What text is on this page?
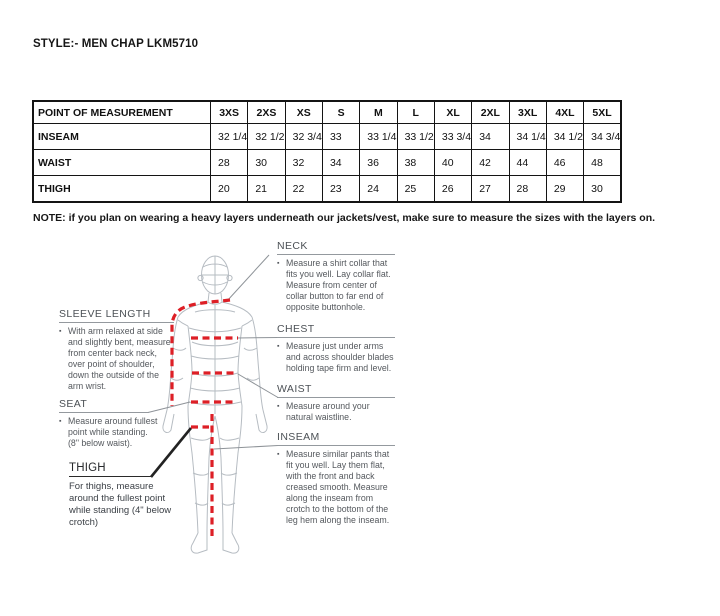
STYLE:- MEN CHAP LKM5710
POINT OF MEASUREMENT	3XS	2XS	XS	S	M	L	XL	2XL	3XL	4XL	5XL
INSEAM	32 1/4	32 1/2	32 3/4	33	33 1/4	33 1/2	33 3/4	34	34 1/4	34 1/2	34 3/4
WAIST	28	30	32	34	36	38	40	42	44	46	48
THIGH	20	21	22	23	24	25	26	27	28	29	30
NOTE: if you plan on wearing a heavy layers underneath our jackets/vest, make sure to measure the sizes with the layers on.
NECK
▪ Measure a shirt collar that fits you well. Lay collar flat. Measure from center of collar button to far end of opposite buttonhole.
CHEST
▪ Measure just under arms and across shoulder blades holding tape firm and level.
WAIST
▪ Measure around your natural waistline.
INSEAM
▪ Measure similar pants that fit you well. Lay them flat, with the front and back creased smooth. Measure along the inseam from crotch to the bottom of the leg hem along the inseam.
SLEEVE LENGTH
▪ With arm relaxed at side and slightly bent, measure from center back neck, over point of shoulder, down the outside of the arm wrist.
SEAT
▪ Measure around fullest point while standing. (8" below waist).
THIGH
For thighs, measure around the fullest point while standing (4" below crotch)
